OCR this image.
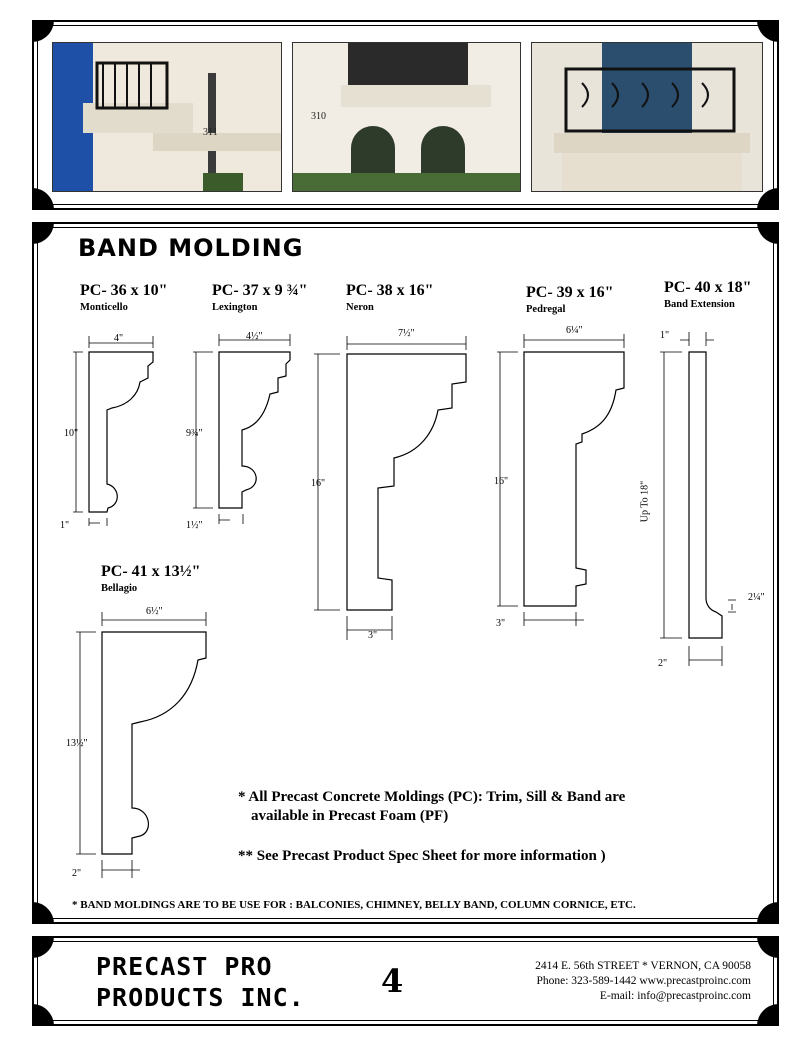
311
310
BAND MOLDING
PC- 36 x 10"
Monticello
PC- 37 x 9 ¾"
Lexington
PC- 38 x 16"
Neron
PC- 39 x 16"
Pedregal
PC- 40 x 18"
Band Extension
PC- 41 x 13½"
Bellagio
4"
10"
1"
4½"
9¾"
1½"
7½"
16"
3"
6¼"
16"
3"
1"
Up To 18"
2¼"
2"
6½"
13½"
2"
* All Precast Concrete Moldings (PC): Trim, Sill & Band are
available in Precast Foam (PF)
** See Precast Product Spec Sheet for more information )
* BAND MOLDINGS ARE TO BE USE FOR : BALCONIES, CHIMNEY, BELLY BAND, COLUMN CORNICE, ETC.
PRECAST PRO
PRODUCTS INC. 4	2414 E. 56th STREET * VERNON, CA 90058
Phone: 323-589-1442 www.precastproinc.com
E-mail: info@precastproinc.com
